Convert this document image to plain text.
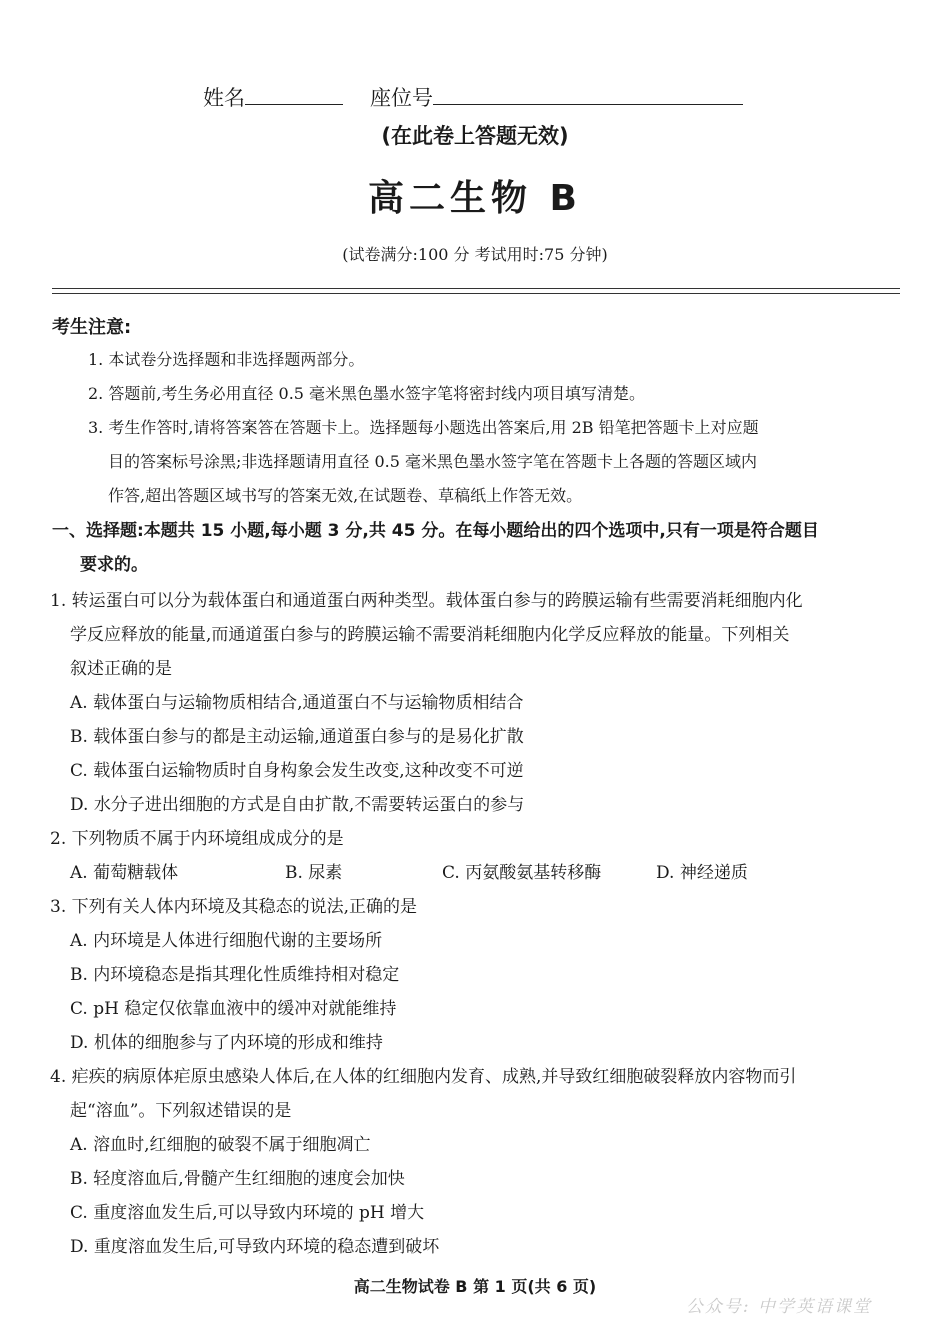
姓名	座位号
(在此卷上答题无效)
高二生物 B
(试卷满分:100 分 考试用时:75 分钟)
考生注意:
1. 本试卷分选择题和非选择题两部分。
2. 答题前,考生务必用直径 0.5 毫米黑色墨水签字笔将密封线内项目填写清楚。
3. 考生作答时,请将答案答在答题卡上。选择题每小题选出答案后,用 2B 铅笔把答题卡上对应题
目的答案标号涂黑;非选择题请用直径 0.5 毫米黑色墨水签字笔在答题卡上各题的答题区域内
作答,超出答题区域书写的答案无效,在试题卷、草稿纸上作答无效。
一、选择题:本题共 15 小题,每小题 3 分,共 45 分。在每小题给出的四个选项中,只有一项是符合题目
要求的。
1. 转运蛋白可以分为载体蛋白和通道蛋白两种类型。载体蛋白参与的跨膜运输有些需要消耗细胞内化
学反应释放的能量,而通道蛋白参与的跨膜运输不需要消耗细胞内化学反应释放的能量。下列相关
叙述正确的是
A. 载体蛋白与运输物质相结合,通道蛋白不与运输物质相结合
B. 载体蛋白参与的都是主动运输,通道蛋白参与的是易化扩散
C. 载体蛋白运输物质时自身构象会发生改变,这种改变不可逆
D. 水分子进出细胞的方式是自由扩散,不需要转运蛋白的参与
2. 下列物质不属于内环境组成成分的是
A. 葡萄糖载体	B. 尿素	C. 丙氨酸氨基转移酶	D. 神经递质
3. 下列有关人体内环境及其稳态的说法,正确的是
A. 内环境是人体进行细胞代谢的主要场所
B. 内环境稳态是指其理化性质维持相对稳定
C. pH 稳定仅依靠血液中的缓冲对就能维持
D. 机体的细胞参与了内环境的形成和维持
4. 疟疾的病原体疟原虫感染人体后,在人体的红细胞内发育、成熟,并导致红细胞破裂释放内容物而引
起“溶血”。下列叙述错误的是
A. 溶血时,红细胞的破裂不属于细胞凋亡
B. 轻度溶血后,骨髓产生红细胞的速度会加快
C. 重度溶血发生后,可以导致内环境的 pH 增大
D. 重度溶血发生后,可导致内环境的稳态遭到破坏
高二生物试卷 B 第 1 页(共 6 页)
公众号: 中学英语课堂
